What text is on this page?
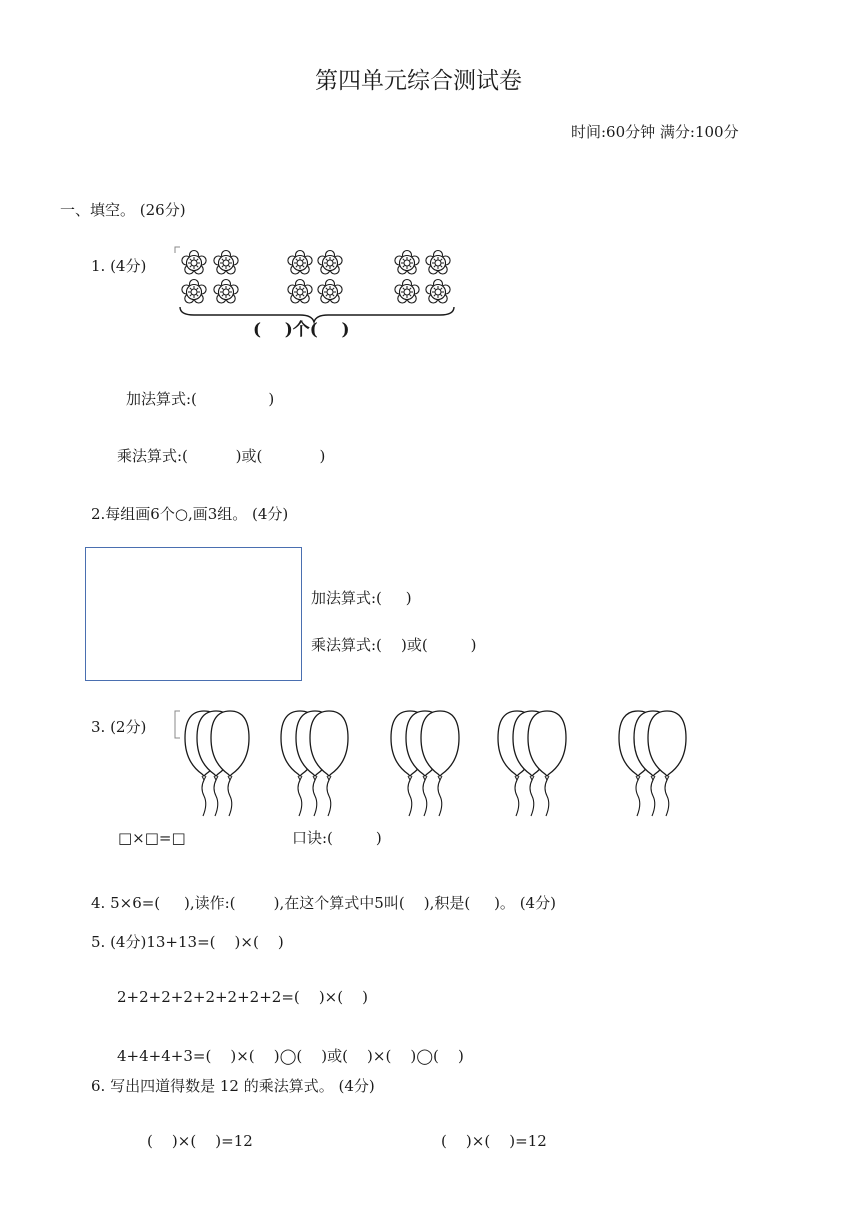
第四单元综合测试卷
时间:60分钟 满分:100分
一、填空。 (26分)
1. (4分)
(    )个(    )
加法算式:(               )
乘法算式:(          )或(            )
2.每组画6个○,画3组。 (4分)
加法算式:(     )
乘法算式:(    )或(         )
3. (2分)
□×□=□	口诀:(         )
4. 5×6=(     ),读作:(        ),在这个算式中5叫(    ),积是(     )。 (4分)
5. (4分)13+13=(    )×(    )
2+2+2+2+2+2+2+2=(    )×(    )
4+4+4+3=(    )×(    )◯(    )或(    )×(    )◯(    )
6. 写出四道得数是 12 的乘法算式。 (4分)
(    )×(    )=12	(    )×(    )=12
